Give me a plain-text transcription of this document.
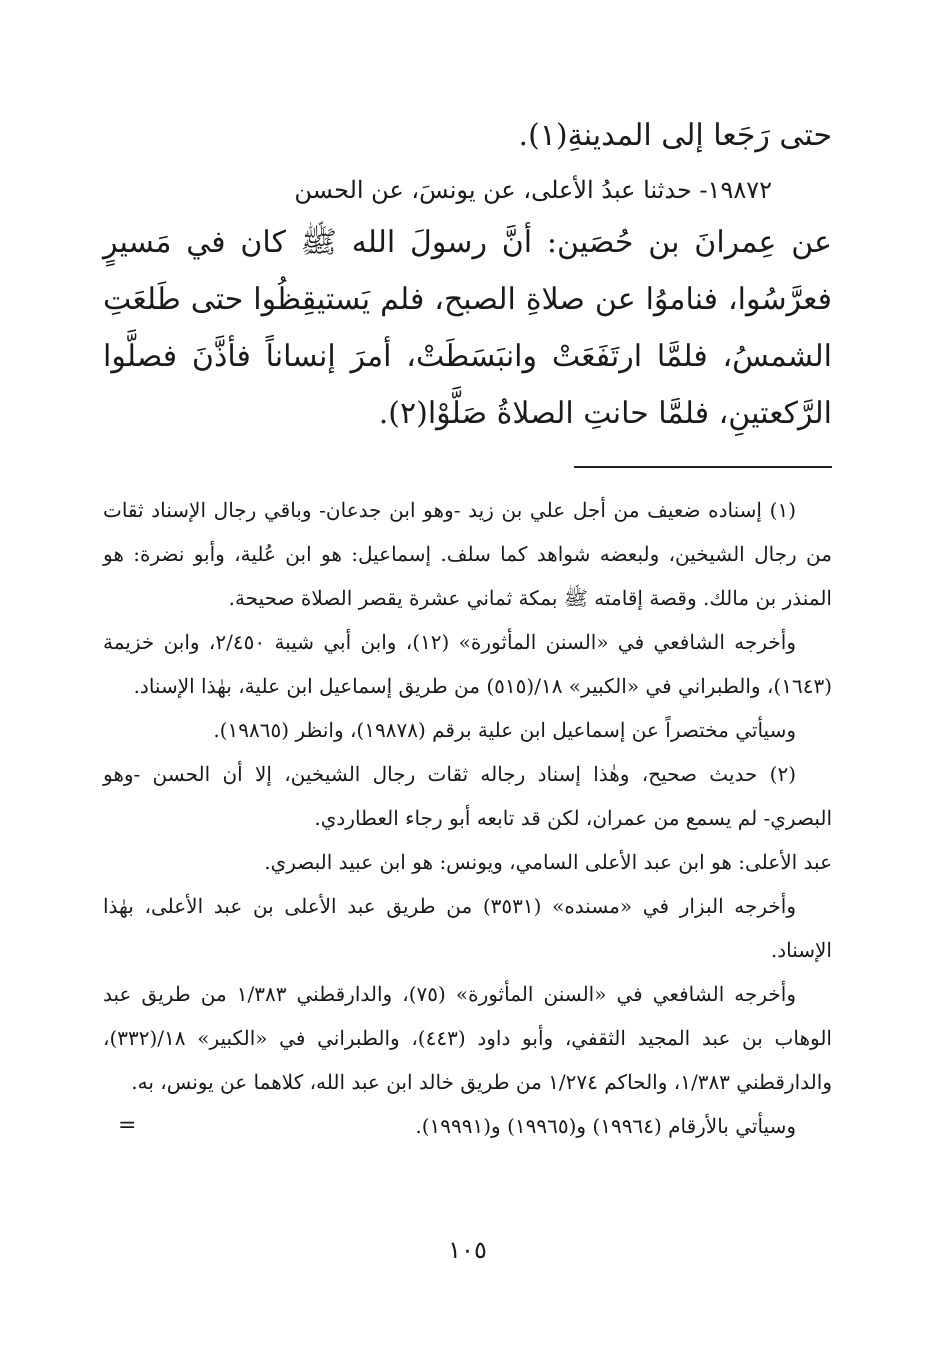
حتى رَجَعا إلى المدينةِ(١).
١٩٨٧٢- حدثنا عبدُ الأعلى، عن يونسَ، عن الحسن
عن عِمرانَ بن حُصَين: أنَّ رسولَ الله ﷺ كان في مَسيرٍ فعرَّسُوا، فناموُا عن صلاةِ الصبح، فلم يَستيقِظُوا حتى طَلعَتِ الشمسُ، فلمَّا ارتَفَعَتْ وانبَسَطَتْ، أمرَ إنساناً فأذَّنَ فصلَّوا الرَّكعتينِ، فلمَّا حانتِ الصلاةُ صَلَّوْا(٢).

(١) إسناده ضعيف من أجل علي بن زيد -وهو ابن جدعان- وباقي رجال الإسناد ثقات من رجال الشيخين، ولبعضه شواهد كما سلف. إسماعيل: هو ابن عُلية، وأبو نضرة: هو المنذر بن مالك. وقصة إقامته ﷺ بمكة ثماني عشرة يقصر الصلاة صحيحة.

وأخرجه الشافعي في «السنن المأثورة» (١٢)، وابن أبي شيبة ٢/٤٥٠، وابن خزيمة (١٦٤٣)، والطبراني في «الكبير» ١٨/(٥١٥) من طريق إسماعيل ابن علية، بهٰذا الإسناد.

وسيأتي مختصراً عن إسماعيل ابن علية برقم (١٩٨٧٨)، وانظر (١٩٨٦٥).

(٢) حديث صحيح، وهٰذا إسناد رجاله ثقات رجال الشيخين، إلا أن الحسن -وهو البصري- لم يسمع من عمران، لكن قد تابعه أبو رجاء العطاردي.

عبد الأعلى: هو ابن عبد الأعلى السامي، ويونس: هو ابن عبيد البصري.

وأخرجه البزار في «مسنده» (٣٥٣١) من طريق عبد الأعلى بن عبد الأعلى، بهٰذا الإسناد.

وأخرجه الشافعي في «السنن المأثورة» (٧٥)، والدارقطني ١/٣٨٣ من طريق عبد الوهاب بن عبد المجيد الثقفي، وأبو داود (٤٤٣)، والطبراني في «الكبير» ١٨/(٣٣٢)، والدارقطني ١/٣٨٣، والحاكم ١/٢٧٤ من طريق خالد ابن عبد الله، كلاهما عن يونس، به.

وسيأتي بالأرقام (١٩٩٦٤) و(١٩٩٦٥) و(١٩٩٩١).

=
١٠٥
